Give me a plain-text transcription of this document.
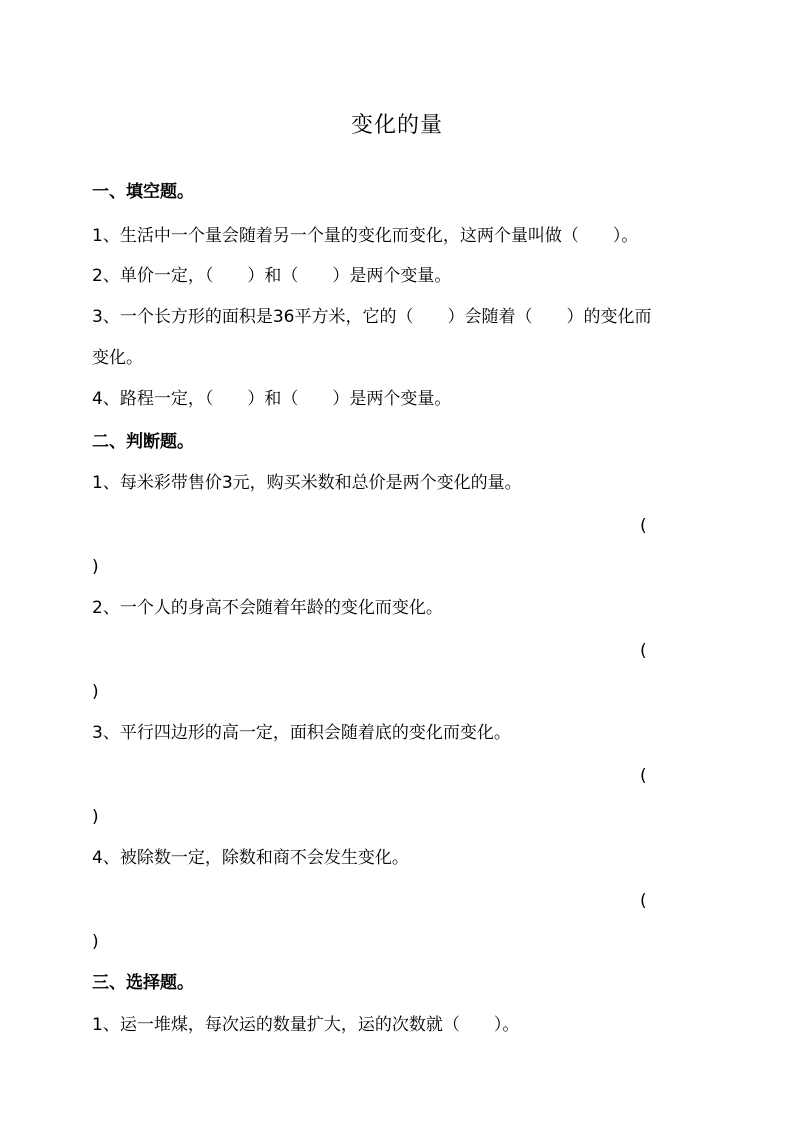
变化的量
一、填空题。
1、生活中一个量会随着另一个量的变化而变化，这两个量叫做（　　）。
2、单价一定，（　　）和（　　）是两个变量。
3、一个长方形的面积是36平方米，它的（　　）会随着（　　）的变化而
变化。
4、路程一定，（　　）和（　　）是两个变量。
二、判断题。
1、每米彩带售价3元，购买米数和总价是两个变化的量。
(
)
2、一个人的身高不会随着年龄的变化而变化。
(
)
3、平行四边形的高一定，面积会随着底的变化而变化。
(
)
4、被除数一定，除数和商不会发生变化。
(
)
三、选择题。
1、运一堆煤，每次运的数量扩大，运的次数就（　　）。
